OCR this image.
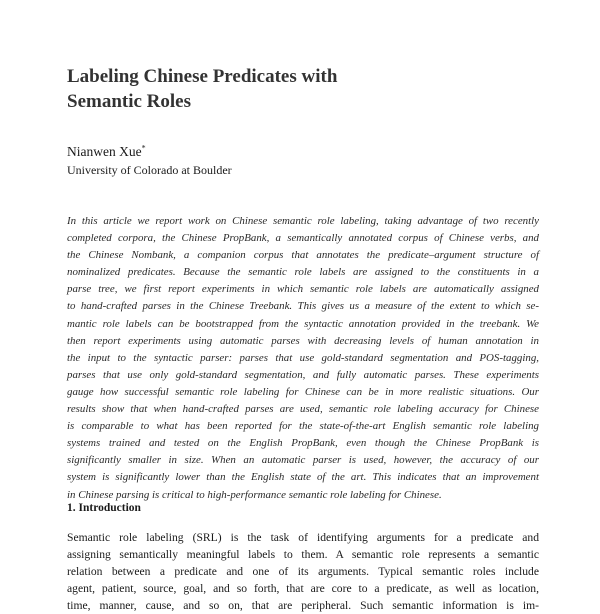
Labeling Chinese Predicates with
Semantic Roles

Nianwen Xue*

University of Colorado at Boulder

In this article we report work on Chinese semantic role labeling, taking advantage of two recently
completed corpora, the Chinese PropBank, a semantically annotated corpus of Chinese verbs, and
the Chinese Nombank, a companion corpus that annotates the predicate–argument structure of
nominalized predicates. Because the semantic role labels are assigned to the constituents in a
parse tree, we first report experiments in which semantic role labels are automatically assigned
to hand-crafted parses in the Chinese Treebank. This gives us a measure of the extent to which se-
mantic role labels can be bootstrapped from the syntactic annotation provided in the treebank. We
then report experiments using automatic parses with decreasing levels of human annotation in
the input to the syntactic parser: parses that use gold-standard segmentation and POS-tagging,
parses that use only gold-standard segmentation, and fully automatic parses. These experiments
gauge how successful semantic role labeling for Chinese can be in more realistic situations. Our
results show that when hand-crafted parses are used, semantic role labeling accuracy for Chinese
is comparable to what has been reported for the state-of-the-art English semantic role labeling
systems trained and tested on the English PropBank, even though the Chinese PropBank is
significantly smaller in size. When an automatic parser is used, however, the accuracy of our
system is significantly lower than the English state of the art. This indicates that an improvement
in Chinese parsing is critical to high-performance semantic role labeling for Chinese.
1. Introduction
Semantic role labeling (SRL) is the task of identifying arguments for a predicate and
assigning semantically meaningful labels to them. A semantic role represents a semantic
relation between a predicate and one of its arguments. Typical semantic roles include
agent, patient, source, goal, and so forth, that are core to a predicate, as well as location,
time, manner, cause, and so on, that are peripheral. Such semantic information is im-
